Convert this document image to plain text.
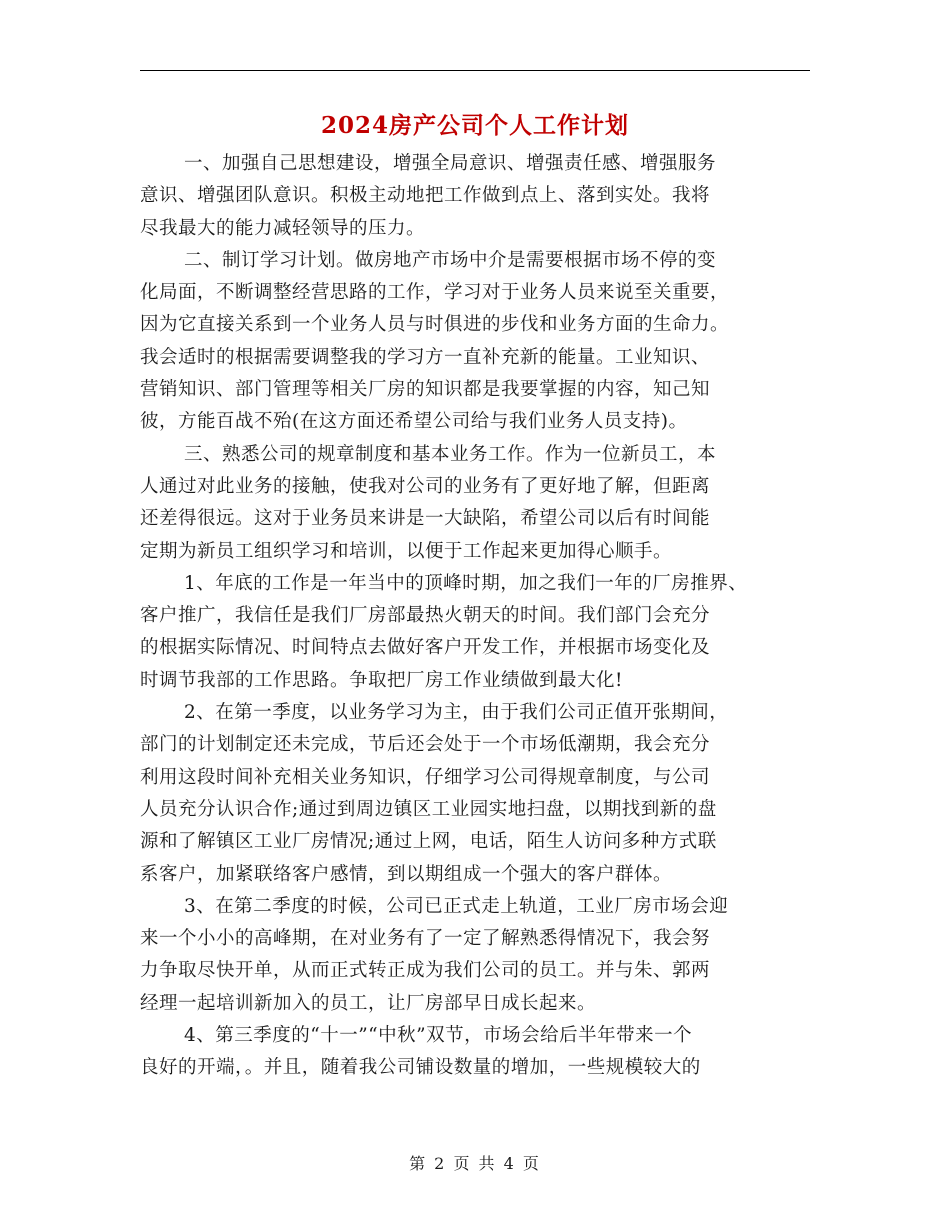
2024房产公司个人工作计划
一、加强自己思想建设，增强全局意识、增强责任感、增强服务
意识、增强团队意识。积极主动地把工作做到点上、落到实处。我将
尽我最大的能力减轻领导的压力。
二、制订学习计划。做房地产市场中介是需要根据市场不停的变
化局面，不断调整经营思路的工作，学习对于业务人员来说至关重要，
因为它直接关系到一个业务人员与时俱进的步伐和业务方面的生命力。
我会适时的根据需要调整我的学习方一直补充新的能量。工业知识、
营销知识、部门管理等相关厂房的知识都是我要掌握的内容，知己知
彼，方能百战不殆(在这方面还希望公司给与我们业务人员支持)。
三、熟悉公司的规章制度和基本业务工作。作为一位新员工，本
人通过对此业务的接触，使我对公司的业务有了更好地了解，但距离
还差得很远。这对于业务员来讲是一大缺陷，希望公司以后有时间能
定期为新员工组织学习和培训，以便于工作起来更加得心顺手。
1、年底的工作是一年当中的顶峰时期，加之我们一年的厂房推界、
客户推广，我信任是我们厂房部最热火朝天的时间。我们部门会充分
的根据实际情况、时间特点去做好客户开发工作，并根据市场变化及
时调节我部的工作思路。争取把厂房工作业绩做到最大化!
2、在第一季度，以业务学习为主，由于我们公司正值开张期间，
部门的计划制定还未完成，节后还会处于一个市场低潮期，我会充分
利用这段时间补充相关业务知识，仔细学习公司得规章制度，与公司
人员充分认识合作;通过到周边镇区工业园实地扫盘，以期找到新的盘
源和了解镇区工业厂房情况;通过上网，电话，陌生人访问多种方式联
系客户，加紧联络客户感情，到以期组成一个强大的客户群体。
3、在第二季度的时候，公司已正式走上轨道，工业厂房市场会迎
来一个小小的高峰期，在对业务有了一定了解熟悉得情况下，我会努
力争取尽快开单，从而正式转正成为我们公司的员工。并与朱、郭两
经理一起培训新加入的员工，让厂房部早日成长起来。
4、第三季度的“十一”“中秋”双节，市场会给后半年带来一个
良好的开端，。并且，随着我公司铺设数量的增加，一些规模较大的
第 2 页 共 4 页
